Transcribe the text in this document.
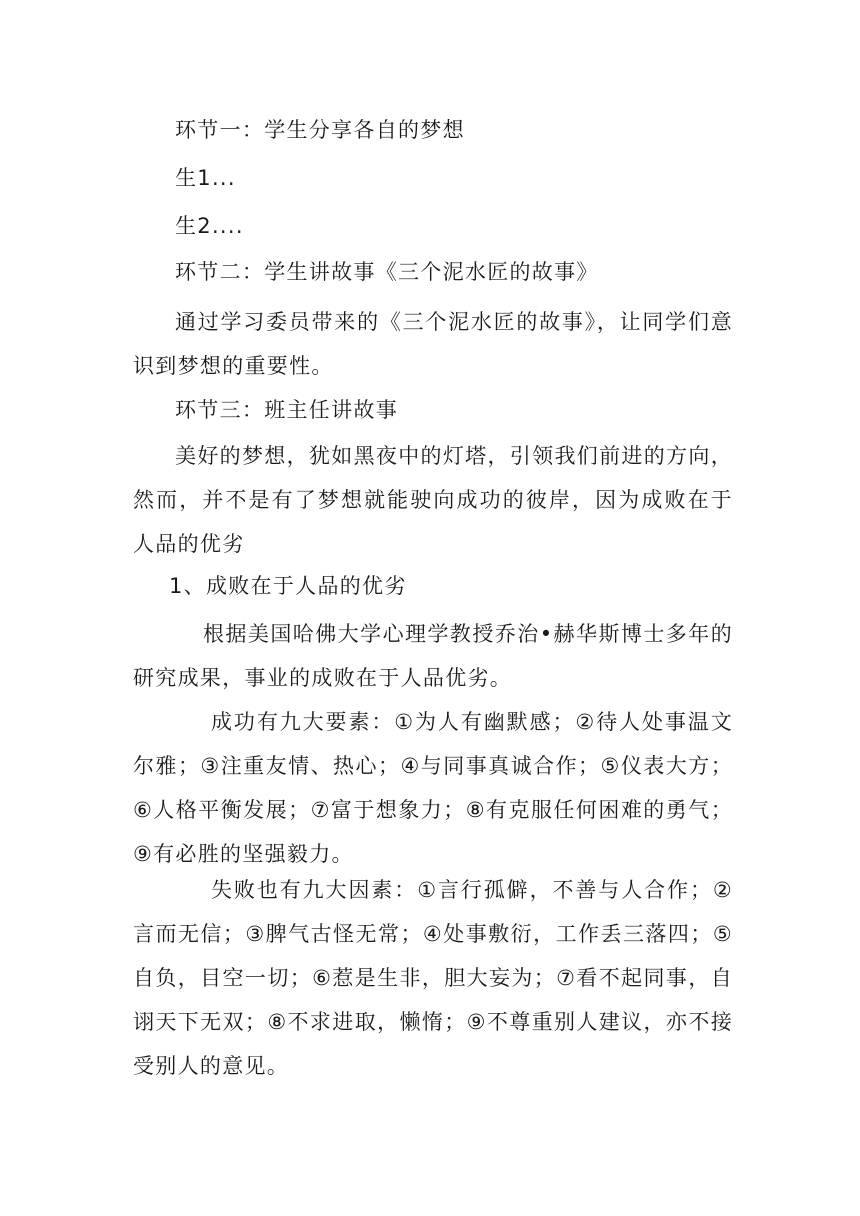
环节一：学生分享各自的梦想

生1...

生2....

环节二：学生讲故事《三个泥水匠的故事》

通过学习委员带来的《三个泥水匠的故事》，让同学们意识到梦想的重要性。

环节三：班主任讲故事

美好的梦想，犹如黑夜中的灯塔，引领我们前进的方向，然而，并不是有了梦想就能驶向成功的彼岸，因为成败在于人品的优劣

1、成败在于人品的优劣

根据美国哈佛大学心理学教授乔治•赫华斯博士多年的研究成果，事业的成败在于人品优劣。

成功有九大要素：①为人有幽默感；②待人处事温文尔雅；③注重友情、热心；④与同事真诚合作；⑤仪表大方；⑥人格平衡发展；⑦富于想象力；⑧有克服任何困难的勇气；⑨有必胜的坚强毅力。

失败也有九大因素：①言行孤僻，不善与人合作；②言而无信；③脾气古怪无常；④处事敷衍，工作丢三落四；⑤自负，目空一切；⑥惹是生非，胆大妄为；⑦看不起同事，自诩天下无双；⑧不求进取，懒惰；⑨不尊重别人建议，亦不接受别人的意见。
